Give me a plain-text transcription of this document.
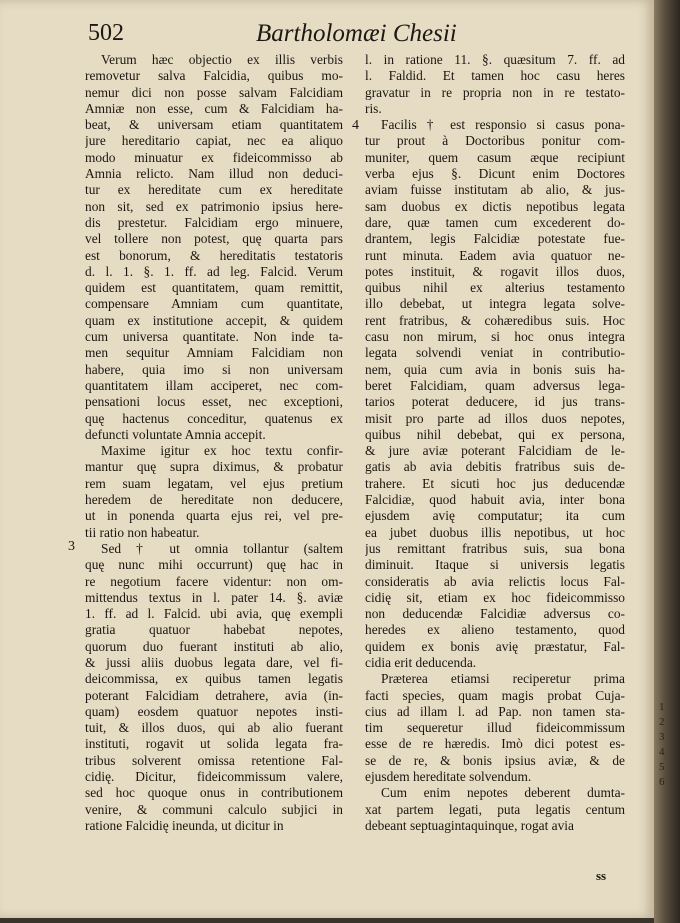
502	Bartholomæi Chesii
Verum hæc objectio ex illis verbis
removetur salva Falcidia, quibus mo-
nemur dici non posse salvam Falcidiam
Amniæ non esse, cum & Falcidiam ha-
beat, & universam etiam quantitatem
jure hereditario capiat, nec ea aliquo
modo minuatur ex fideicommisso ab
Amnia relicto. Nam illud non deduci-
tur ex hereditate cum ex hereditate
non sit, sed ex patrimonio ipsius here-
dis prestetur. Falcidiam ergo minuere,
vel tollere non potest, quę quarta pars
est bonorum, & hereditatis testatoris
d. l. 1. §. 1. ff. ad leg. Falcid. Verum
quidem est quantitatem, quam remittit,
compensare Amniam cum quantitate,
quam ex institutione accepit, & quidem
cum universa quantitate. Non inde ta-
men sequitur Amniam Falcidiam non
habere, quia imo si non universam
quantitatem illam acciperet, nec com-
pensationi locus esset, nec exceptioni,
quę hactenus conceditur, quatenus ex
defuncti voluntate Amnia accepit.
Maxime igitur ex hoc textu confir-
mantur quę supra diximus, & probatur
rem suam legatam, vel ejus pretium
heredem de hereditate non deducere,
ut in ponenda quarta ejus rei, vel pre-
tii ratio non habeatur.
Sed † ut omnia tollantur (saltem
quę nunc mihi occurrunt) quę hac in
re negotium facere videntur: non om-
mittendus textus in l. pater 14. §. aviæ
1. ff. ad l. Falcid. ubi avia, quę exempli
gratia quatuor habebat nepotes,
quorum duo fuerant instituti ab alio,
& jussi aliis duobus legata dare, vel fi-
deicommissa, ex quibus tamen legatis
poterant Falcidiam detrahere, avia (in-
quam) eosdem quatuor nepotes insti-
tuit, & illos duos, qui ab alio fuerant
instituti, rogavit ut solida legata fra-
tribus solverent omissa retentione Fal-
cidię. Dicitur, fideicommissum valere,
sed hoc quoque onus in contributionem
venire, & communi calculo subjici in
ratione Falcidię ineunda, ut dicitur in
l. in ratione 11. §. quæsitum 7. ff. ad
l. Faldid. Et tamen hoc casu heres
gravatur in re propria non in re testato-
ris.
Facilis † est responsio si casus pona-
tur prout à Doctoribus ponitur com-
muniter, quem casum æque recipiunt
verba ejus §. Dicunt enim Doctores
aviam fuisse institutam ab alio, & jus-
sam duobus ex dictis nepotibus legata
dare, quæ tamen cum excederent do-
drantem, legis Falcidiæ potestate fue-
runt minuta. Eadem avia quatuor ne-
potes instituit, & rogavit illos duos,
quibus nihil ex alterius testamento
illo debebat, ut integra legata solve-
rent fratribus, & cohæredibus suis. Hoc
casu non mirum, si hoc onus integra
legata solvendi veniat in contributio-
nem, quia cum avia in bonis suis ha-
beret Falcidiam, quam adversus lega-
tarios poterat deducere, id jus trans-
misit pro parte ad illos duos nepotes,
quibus nihil debebat, qui ex persona,
& jure aviæ poterant Falcidiam de le-
gatis ab avia debitis fratribus suis de-
trahere. Et sicuti hoc jus deducendæ
Falcidiæ, quod habuit avia, inter bona
ejusdem avię computatur; ita cum
ea jubet duobus illis nepotibus, ut hoc
jus remittant fratribus suis, sua bona
diminuit. Itaque si universis legatis
consideratis ab avia relictis locus Fal-
cidię sit, etiam ex hoc fideicommisso
non deducendæ Falcidiæ adversus co-
heredes ex alieno testamento, quod
quidem ex bonis avię præstatur, Fal-
cidia erit deducenda.
Præterea etiamsi reciperetur prima
facti species, quam magis probat Cuja-
cius ad illam l. ad Pap. non tamen sta-
tim sequeretur illud fideicommissum
esse de re hæredis. Imò dici potest es-
se de re, & bonis ipsius aviæ, & de
ejusdem hereditate solvendum.
Cum enim nepotes deberent dumta-
xat partem legati, puta legatis centum
debeant septuagintaquinque, rogat avia
4
3
ss
1
2
3
4
5
6
